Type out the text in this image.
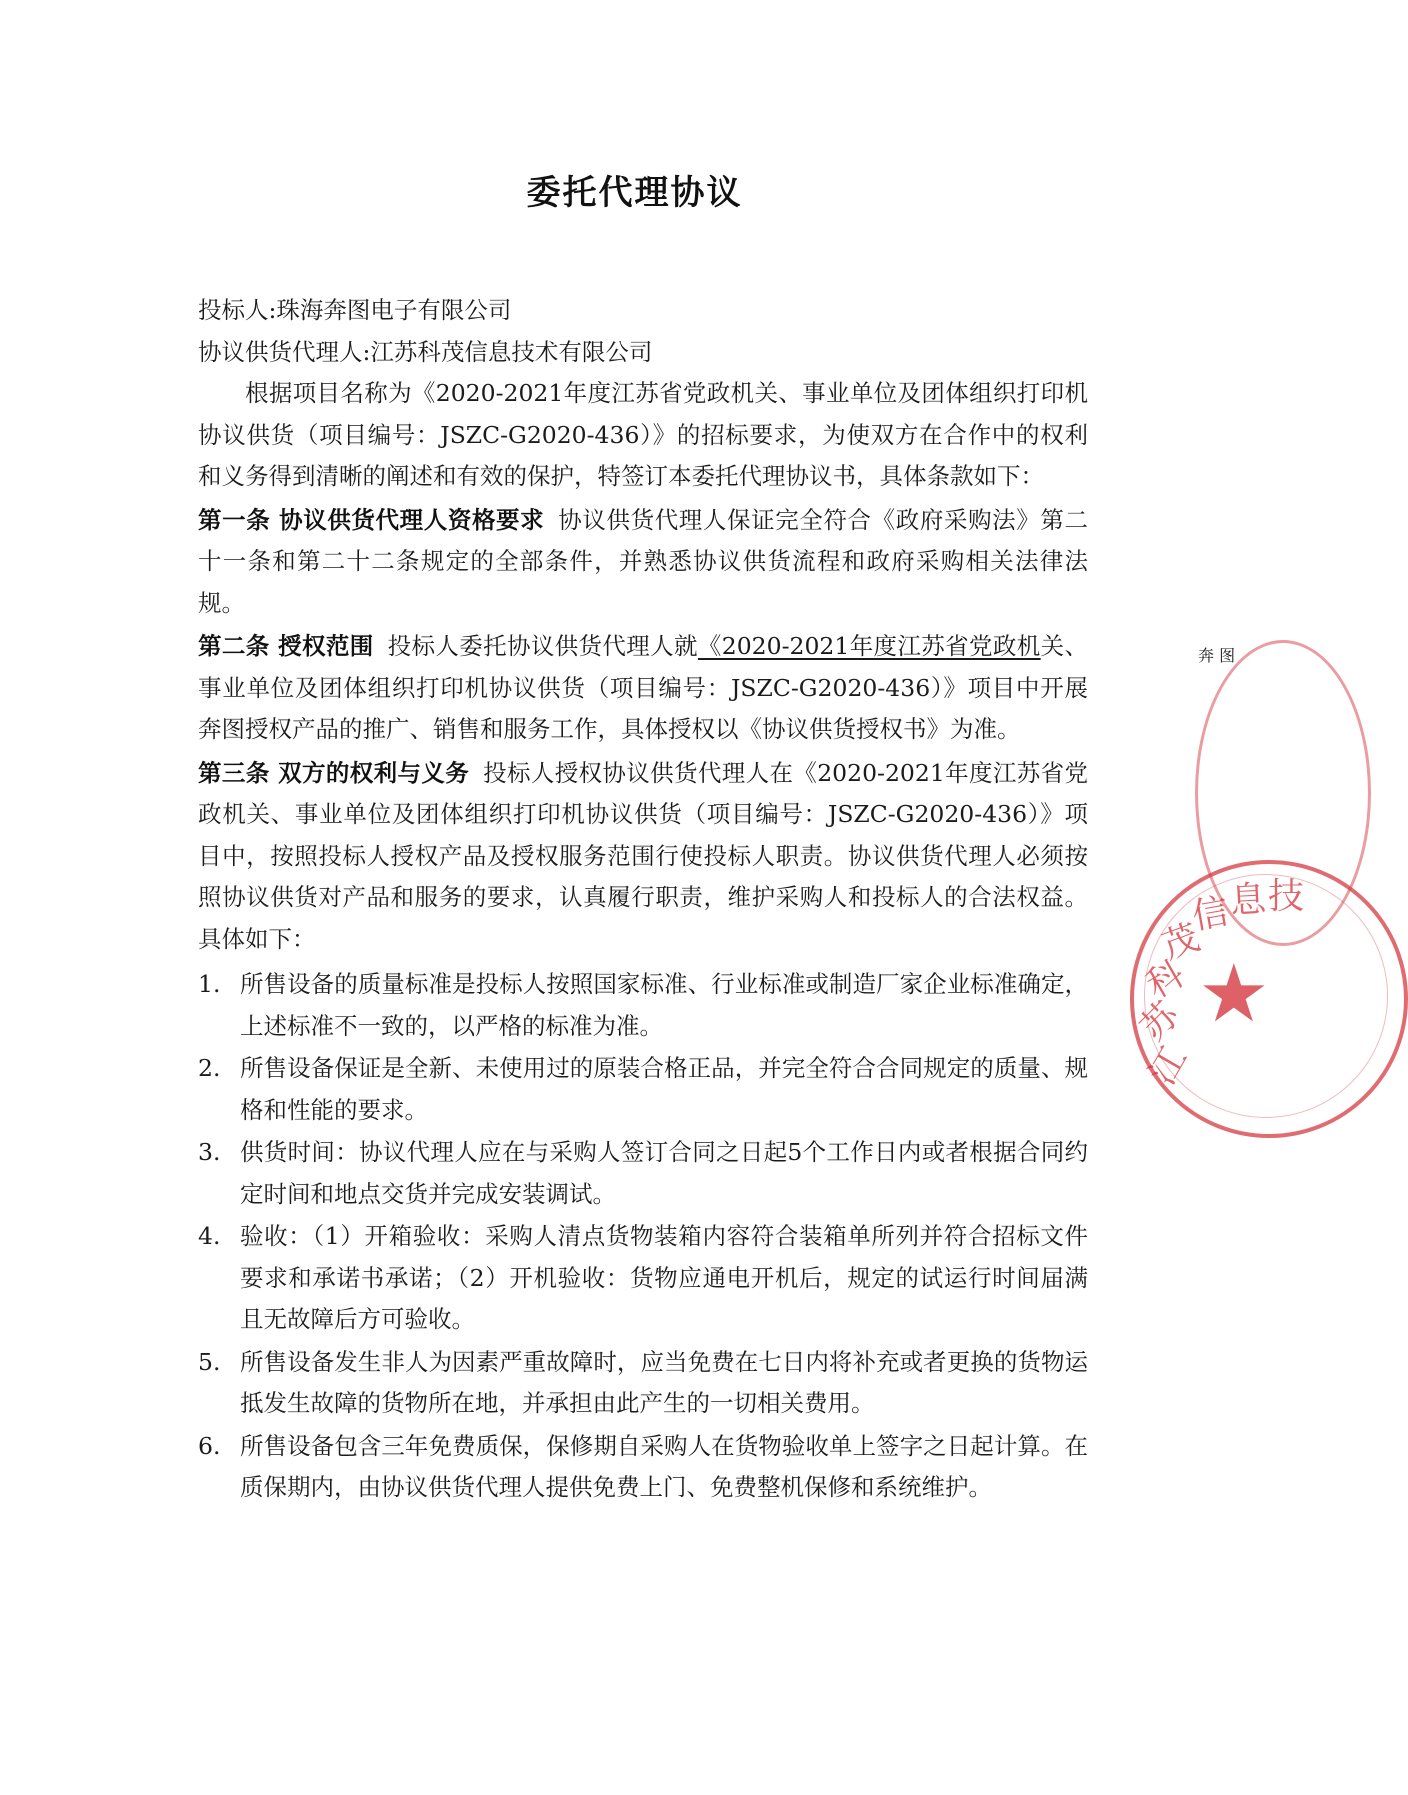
委托代理协议
投标人:珠海奔图电子有限公司
协议供货代理人:江苏科茂信息技术有限公司
根据项目名称为《2020-2021年度江苏省党政机关、事业单位及团体组织打印机协议供货（项目编号：JSZC-G2020-436）》的招标要求，为使双方在合作中的权利和义务得到清晰的阐述和有效的保护，特签订本委托代理协议书，具体条款如下：
第一条 协议供货代理人资格要求 协议供货代理人保证完全符合《政府采购法》第二十一条和第二十二条规定的全部条件，并熟悉协议供货流程和政府采购相关法律法规。
第二条 授权范围 投标人委托协议供货代理人就《2020-2021年度江苏省党政机关、事业单位及团体组织打印机协议供货（项目编号：JSZC-G2020-436）》项目中开展奔图授权产品的推广、销售和服务工作，具体授权以《协议供货授权书》为准。
第三条 双方的权利与义务 投标人授权协议供货代理人在《2020-2021年度江苏省党政机关、事业单位及团体组织打印机协议供货（项目编号：JSZC-G2020-436）》项目中，按照投标人授权产品及授权服务范围行使投标人职责。协议供货代理人必须按照协议供货对产品和服务的要求，认真履行职责，维护采购人和投标人的合法权益。具体如下：
1. 所售设备的质量标准是投标人按照国家标准、行业标准或制造厂家企业标准确定，上述标准不一致的，以严格的标准为准。
2. 所售设备保证是全新、未使用过的原装合格正品，并完全符合合同规定的质量、规格和性能的要求。
3. 供货时间：协议代理人应在与采购人签订合同之日起5个工作日内或者根据合同约定时间和地点交货并完成安装调试。
4. 验收：（1）开箱验收：采购人清点货物装箱内容符合装箱单所列并符合招标文件要求和承诺书承诺；（2）开机验收：货物应通电开机后，规定的试运行时间届满且无故障后方可验收。
5. 所售设备发生非人为因素严重故障时，应当免费在七日内将补充或者更换的货物运抵发生故障的货物所在地，并承担由此产生的一切相关费用。
6. 所售设备包含三年免费质保，保修期自采购人在货物验收单上签字之日起计算。在质保期内，由协议供货代理人提供免费上门、免费整机保修和系统维护。
奔 图
★
江
苏
科
茂
信
息 技
